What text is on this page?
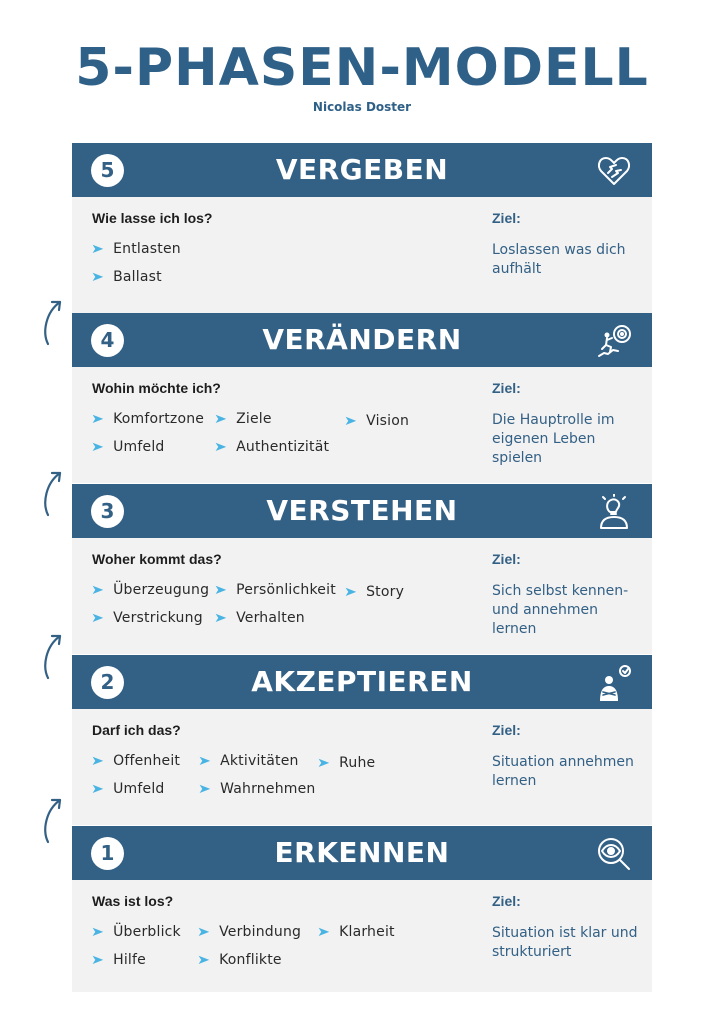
5-PHASEN-MODELL
Nicolas Doster
5	VERGEBEN
Wie lasse ich los?
➤ Entlasten
➤ Ballast
Ziel:
Loslassen was dich aufhält
4	VERÄNDERN
Wohin möchte ich?
➤ Komfortzone ➤ Ziele	➤ Vision
➤ Umfeld	➤ Authentizität
Ziel:
Die Hauptrolle im eigenen Leben spielen
3	VERSTEHEN
Woher kommt das?
➤ Überzeugung ➤ Persönlichkeit ➤ Story
➤ Verstrickung ➤ Verhalten
Ziel:
Sich selbst kennen-und annehmen lernen
2	AKZEPTIEREN
Darf ich das?
➤ Offenheit ➤ Aktivitäten ➤ Ruhe
➤ Umfeld	➤ Wahrnehmen
Ziel:
Situation annehmen lernen
1	ERKENNEN
Was ist los?
➤ Überblick ➤ Verbindung ➤ Klarheit
➤ Hilfe	➤ Konflikte
Ziel:
Situation ist klar und strukturiert
